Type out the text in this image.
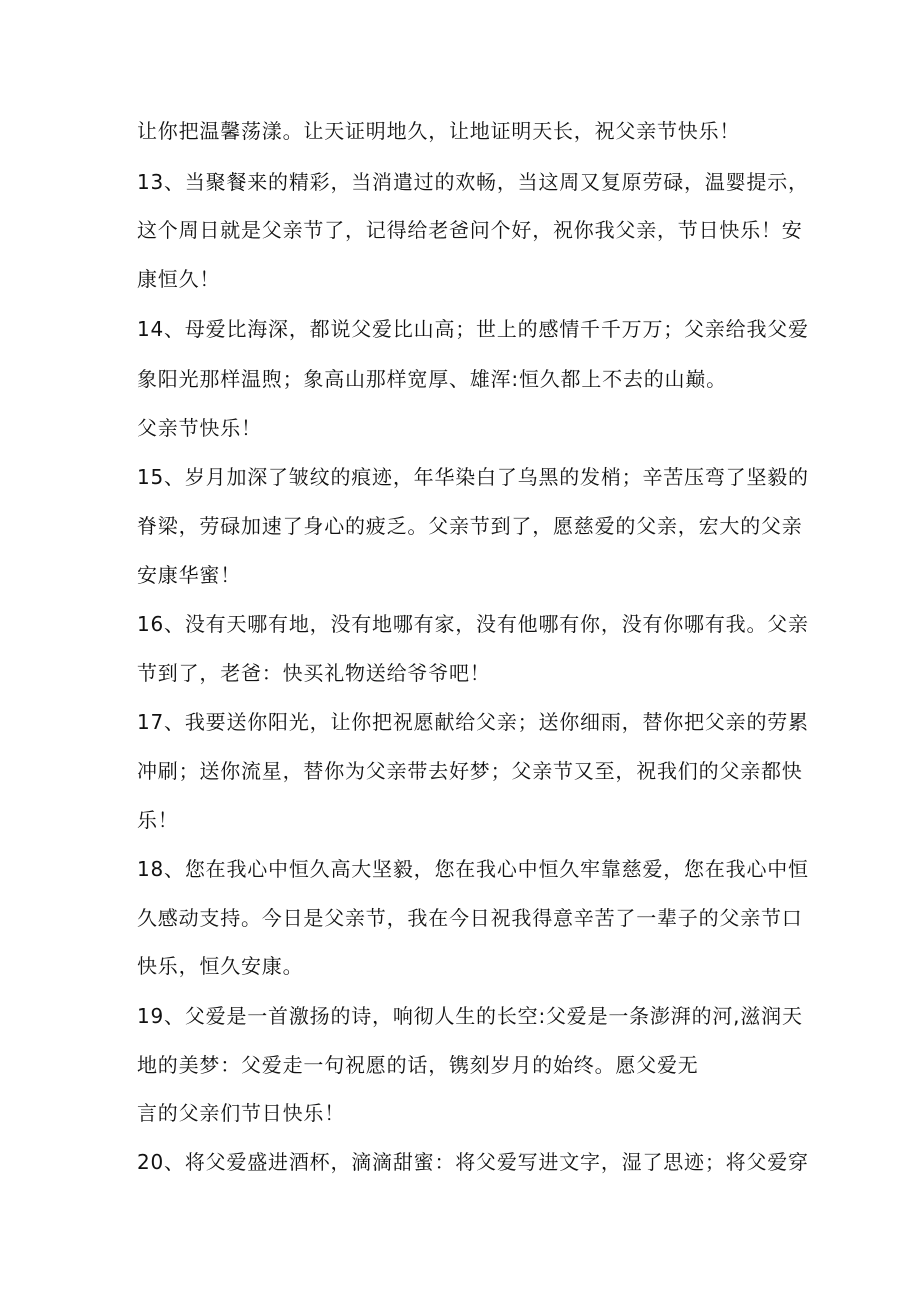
让你把温馨荡漾。让天证明地久，让地证明天长，祝父亲节快乐！
13、当聚餐来的精彩，当消遣过的欢畅，当这周又复原劳碌，温婴提示，
这个周日就是父亲节了，记得给老爸问个好，祝你我父亲，节日快乐！安
康恒久！
14、母爱比海深，都说父爱比山高；世上的感情千千万万；父亲给我父爱
象阳光那样温煦；象高山那样宽厚、雄浑:恒久都上不去的山巅。
父亲节快乐！
15、岁月加深了皱纹的痕迹，年华染白了乌黑的发梢；辛苦压弯了坚毅的
脊梁，劳碌加速了身心的疲乏。父亲节到了，愿慈爱的父亲，宏大的父亲
安康华蜜！
16、没有天哪有地，没有地哪有家，没有他哪有你，没有你哪有我。父亲
节到了，老爸：快买礼物送给爷爷吧！
17、我要送你阳光，让你把祝愿献给父亲；送你细雨，替你把父亲的劳累
冲刷；送你流星，替你为父亲带去好梦；父亲节又至，祝我们的父亲都快
乐！
18、您在我心中恒久高大坚毅，您在我心中恒久牢靠慈爱，您在我心中恒
久感动支持。今日是父亲节，我在今日祝我得意辛苦了一辈子的父亲节口
快乐，恒久安康。
19、父爱是一首激扬的诗，响彻人生的长空:父爱是一条澎湃的河,滋润天
地的美梦：父爱走一句祝愿的话，镌刻岁月的始终。愿父爱无
言的父亲们节日快乐！
20、将父爱盛进酒杯，滴滴甜蜜：将父爱写进文字，湿了思迹；将父爱穿
